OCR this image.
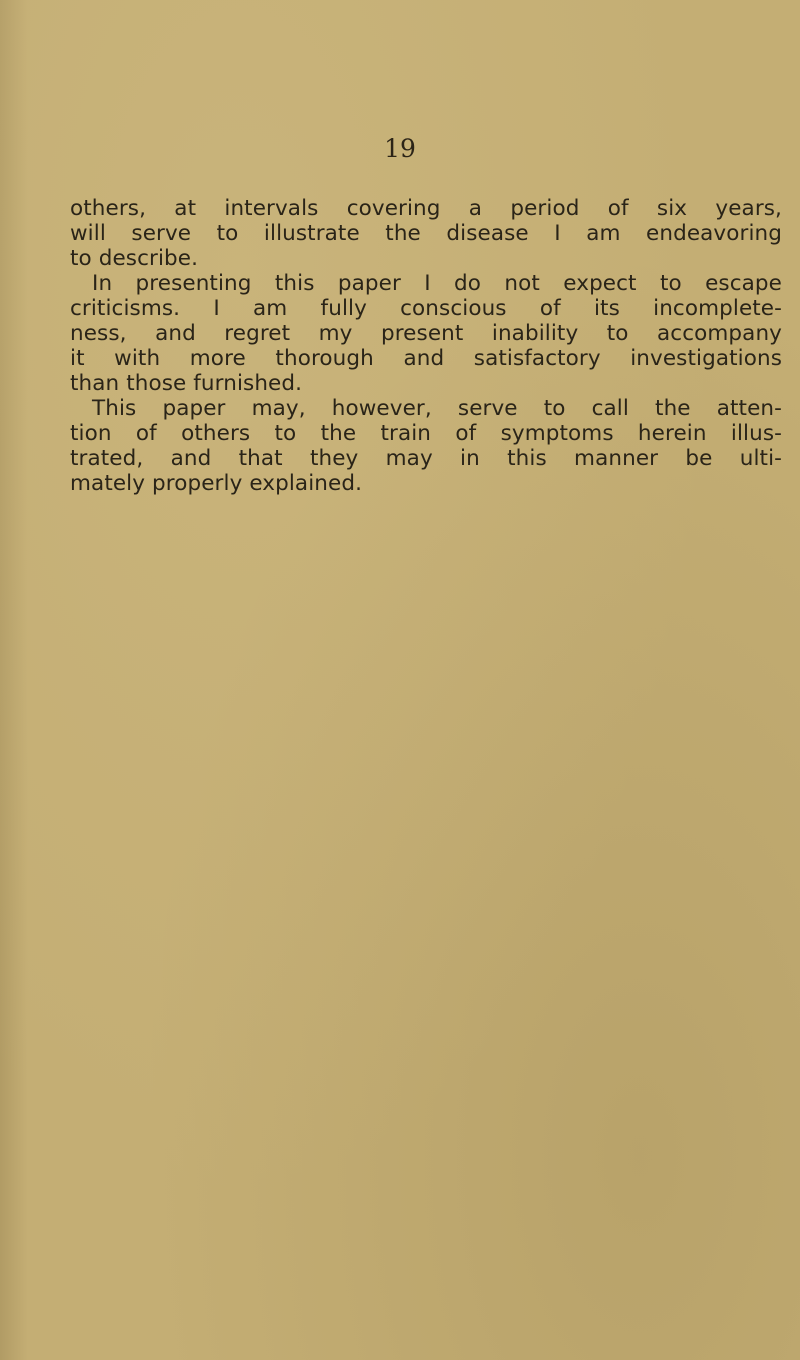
19
others, at intervals covering a period of six years,
will serve to illustrate the disease I am endeavoring
to describe.
In presenting this paper I do not expect to escape
criticisms. I am fully conscious of its incomplete-
ness, and regret my present inability to accompany
it with more thorough and satisfactory investigations
than those furnished.
This paper may, however, serve to call the atten-
tion of others to the train of symptoms herein illus-
trated, and that they may in this manner be ulti-
mately properly explained.
